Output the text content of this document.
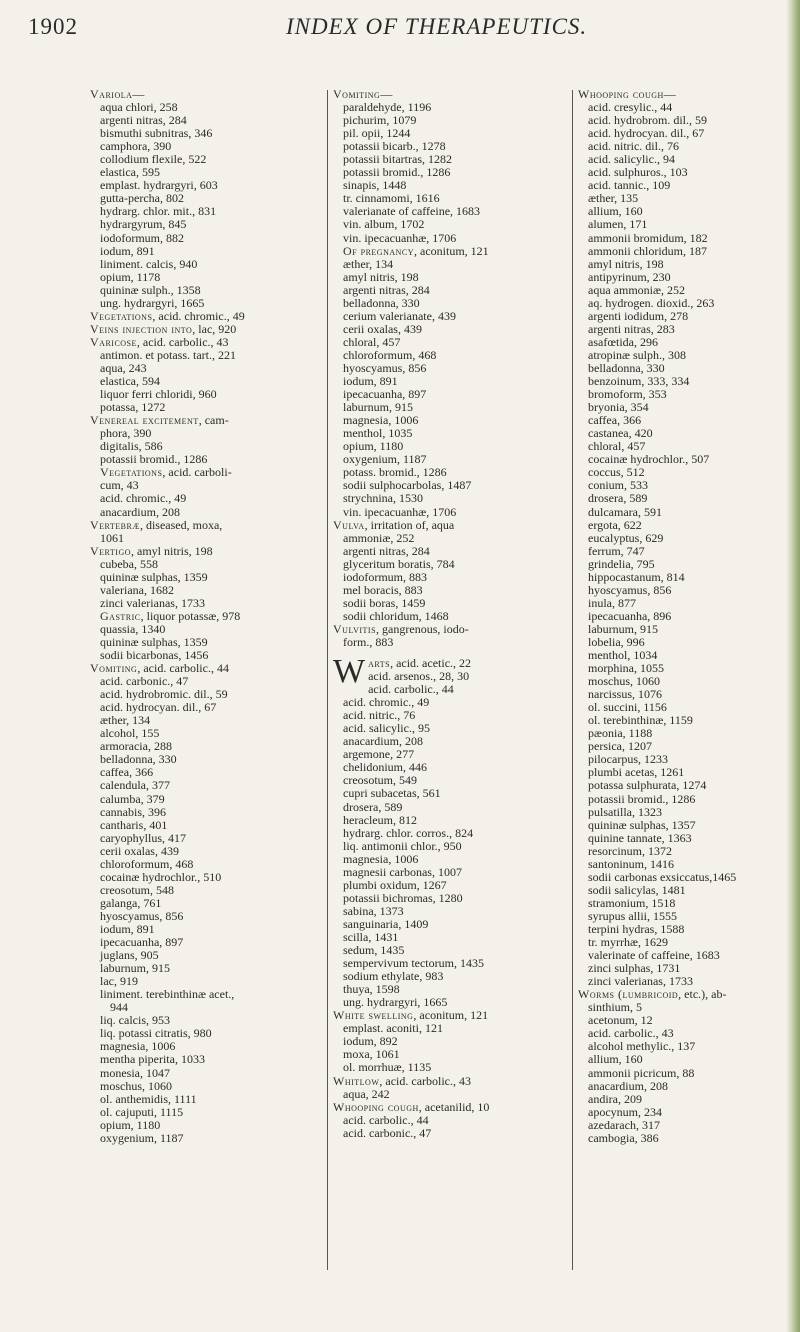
1902	INDEX OF THERAPEUTICS.
Variola—
aqua chlori, 258
argenti nitras, 284
bismuthi subnitras, 346
camphora, 390
collodium flexile, 522
elastica, 595
emplast. hydrargyri, 603
gutta-percha, 802
hydrarg. chlor. mit., 831
hydrargyrum, 845
iodoformum, 882
iodum, 891
liniment. calcis, 940
opium, 1178
quininæ sulph., 1358
ung. hydrargyri, 1665
Vegetations, acid. chromic., 49
Veins injection into, lac, 920
Varicose, acid. carbolic., 43
antimon. et potass. tart., 221
aqua, 243
elastica, 594
liquor ferri chloridi, 960
potassa, 1272
Venereal excitement, cam-
phora, 390
digitalis, 586
potassii bromid., 1286
Vegetations, acid. carboli-
cum, 43
acid. chromic., 49
anacardium, 208
Vertebræ, diseased, moxa,
1061
Vertigo, amyl nitris, 198
cubeba, 558
quininæ sulphas, 1359
valeriana, 1682
zinci valerianas, 1733
Gastric, liquor potassæ, 978
quassia, 1340
quininæ sulphas, 1359
sodii bicarbonas, 1456
Vomiting, acid. carbolic., 44
acid. carbonic., 47
acid. hydrobromic. dil., 59
acid. hydrocyan. dil., 67
æther, 134
alcohol, 155
armoracia, 288
belladonna, 330
caffea, 366
calendula, 377
calumba, 379
cannabis, 396
cantharis, 401
caryophyllus, 417
cerii oxalas, 439
chloroformum, 468
cocainæ hydrochlor., 510
creosotum, 548
galanga, 761
hyoscyamus, 856
iodum, 891
ipecacuanha, 897
juglans, 905
laburnum, 915
lac, 919
liniment. terebinthinæ acet.,
944
liq. calcis, 953
liq. potassi citratis, 980
magnesia, 1006
mentha piperita, 1033
monesia, 1047
moschus, 1060
ol. anthemidis, 1111
ol. cajuputi, 1115
opium, 1180
oxygenium, 1187
Vomiting—
paraldehyde, 1196
pichurim, 1079
pil. opii, 1244
potassii bicarb., 1278
potassii bitartras, 1282
potassii bromid., 1286
sinapis, 1448
tr. cinnamomi, 1616
valerianate of caffeine, 1683
vin. album, 1702
vin. ipecacuanhæ, 1706
Of pregnancy, aconitum, 121
æther, 134
amyl nitris, 198
argenti nitras, 284
belladonna, 330
cerium valerianate, 439
cerii oxalas, 439
chloral, 457
chloroformum, 468
hyoscyamus, 856
iodum, 891
ipecacuanha, 897
laburnum, 915
magnesia, 1006
menthol, 1035
opium, 1180
oxygenium, 1187
potass. bromid., 1286
sodii sulphocarbolas, 1487
strychnina, 1530
vin. ipecacuanhæ, 1706
Vulva, irritation of, aqua
ammoniæ, 252
argenti nitras, 284
glyceritum boratis, 784
iodoformum, 883
mel boracis, 883
sodii boras, 1459
sodii chloridum, 1468
Vulvitis, gangrenous, iodo-
form., 883
Warts, acid. acetic., 22
acid. arsenos., 28, 30
acid. carbolic., 44
acid. chromic., 49
acid. nitric., 76
acid. salicylic., 95
anacardium, 208
argemone, 277
chelidonium, 446
creosotum, 549
cupri subacetas, 561
drosera, 589
heracleum, 812
hydrarg. chlor. corros., 824
liq. antimonii chlor., 950
magnesia, 1006
magnesii carbonas, 1007
plumbi oxidum, 1267
potassii bichromas, 1280
sabina, 1373
sanguinaria, 1409
scilla, 1431
sedum, 1435
sempervivum tectorum, 1435
sodium ethylate, 983
thuya, 1598
ung. hydrargyri, 1665
White swelling, aconitum, 121
emplast. aconiti, 121
iodum, 892
moxa, 1061
ol. morrhuæ, 1135
Whitlow, acid. carbolic., 43
aqua, 242
Whooping cough, acetanilid, 10
acid. carbolic., 44
acid. carbonic., 47
Whooping cough—
acid. cresylic., 44
acid. hydrobrom. dil., 59
acid. hydrocyan. dil., 67
acid. nitric. dil., 76
acid. salicylic., 94
acid. sulphuros., 103
acid. tannic., 109
æther, 135
allium, 160
alumen, 171
ammonii bromidum, 182
ammonii chloridum, 187
amyl nitris, 198
antipyrinum, 230
aqua ammoniæ, 252
aq. hydrogen. dioxid., 263
argenti iodidum, 278
argenti nitras, 283
asafœtida, 296
atropinæ sulph., 308
belladonna, 330
benzoinum, 333, 334
bromoform, 353
bryonia, 354
caffea, 366
castanea, 420
chloral, 457
cocainæ hydrochlor., 507
coccus, 512
conium, 533
drosera, 589
dulcamara, 591
ergota, 622
eucalyptus, 629
ferrum, 747
grindelia, 795
hippocastanum, 814
hyoscyamus, 856
inula, 877
ipecacuanha, 896
laburnum, 915
lobelia, 996
menthol, 1034
morphina, 1055
moschus, 1060
narcissus, 1076
ol. succini, 1156
ol. terebinthinæ, 1159
pæonia, 1188
persica, 1207
pilocarpus, 1233
plumbi acetas, 1261
potassa sulphurata, 1274
potassii bromid., 1286
pulsatilla, 1323
quininæ sulphas, 1357
quinine tannate, 1363
resorcinum, 1372
santoninum, 1416
sodii carbonas exsiccatus,1465
sodii salicylas, 1481
stramonium, 1518
syrupus allii, 1555
terpini hydras, 1588
tr. myrrhæ, 1629
valerinate of caffeine, 1683
zinci sulphas, 1731
zinci valerianas, 1733
Worms (lumbricoid, etc.), ab-
sinthium, 5
acetonum, 12
acid. carbolic., 43
alcohol methylic., 137
allium, 160
ammonii picricum, 88
anacardium, 208
andira, 209
apocynum, 234
azedarach, 317
cambogia, 386
